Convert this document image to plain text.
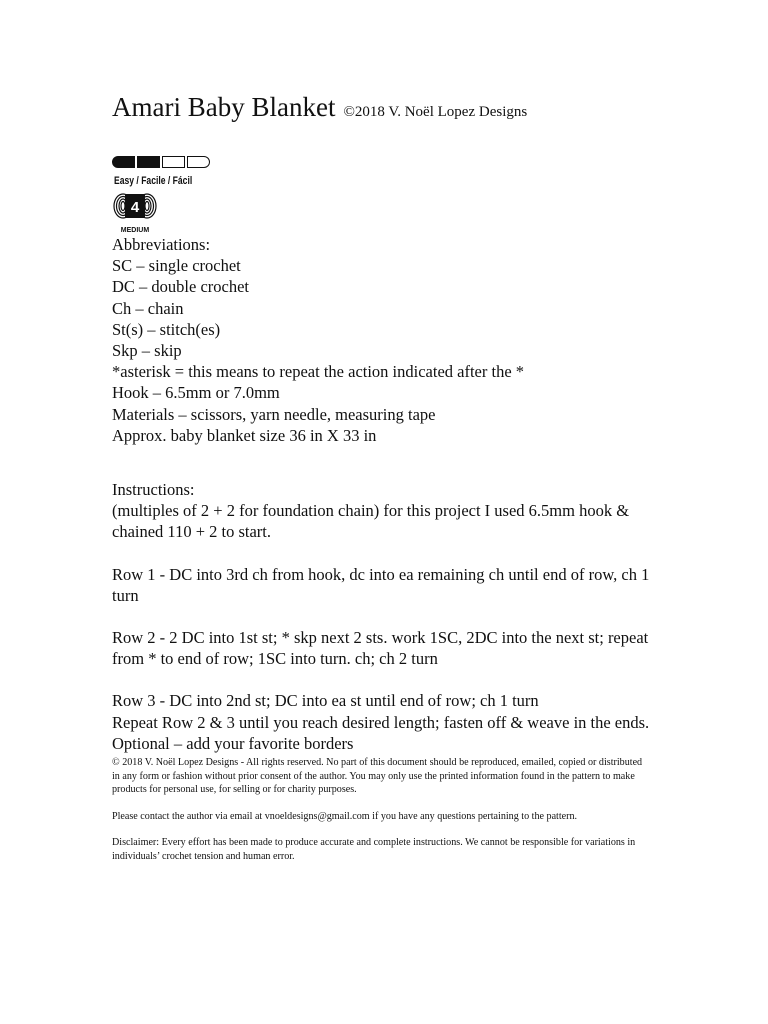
Amari Baby Blanket ©2018 V. Noël Lopez Designs
Easy / Facile / Fácil
4
MEDIUM

Abbreviations:

SC – single crochet

DC – double crochet

Ch – chain

St(s) – stitch(es)

Skp – skip

*asterisk = this means to repeat the action indicated after the *

Hook – 6.5mm or 7.0mm

Materials – scissors, yarn needle, measuring tape

Approx. baby blanket size 36 in X 33 in

Instructions:

(multiples of 2 + 2 for foundation chain) for this project I used 6.5mm hook & chained 110 + 2 to start.

Row 1 - DC into 3rd ch from hook, dc into ea remaining ch until end of row, ch 1 turn

Row 2 - 2 DC into 1st st; * skp next 2 sts. work 1SC, 2DC into the next st; repeat from * to end of row; 1SC into turn. ch; ch 2 turn

Row 3 - DC into 2nd st; DC into ea st until end of row; ch 1 turn

Repeat Row 2 & 3 until you reach desired length; fasten off & weave in the ends. Optional – add your favorite borders

© 2018 V. Noël Lopez Designs - All rights reserved. No part of this document should be reproduced, emailed, copied or distributed in any form or fashion without prior consent of the author. You may only use the printed information found in the pattern to make products for personal use, for selling or for charity purposes.

Please contact the author via email at vnoeldesigns@gmail.com if you have any questions pertaining to the pattern.

Disclaimer: Every effort has been made to produce accurate and complete instructions. We cannot be responsible for variations in individuals’ crochet tension and human error.
